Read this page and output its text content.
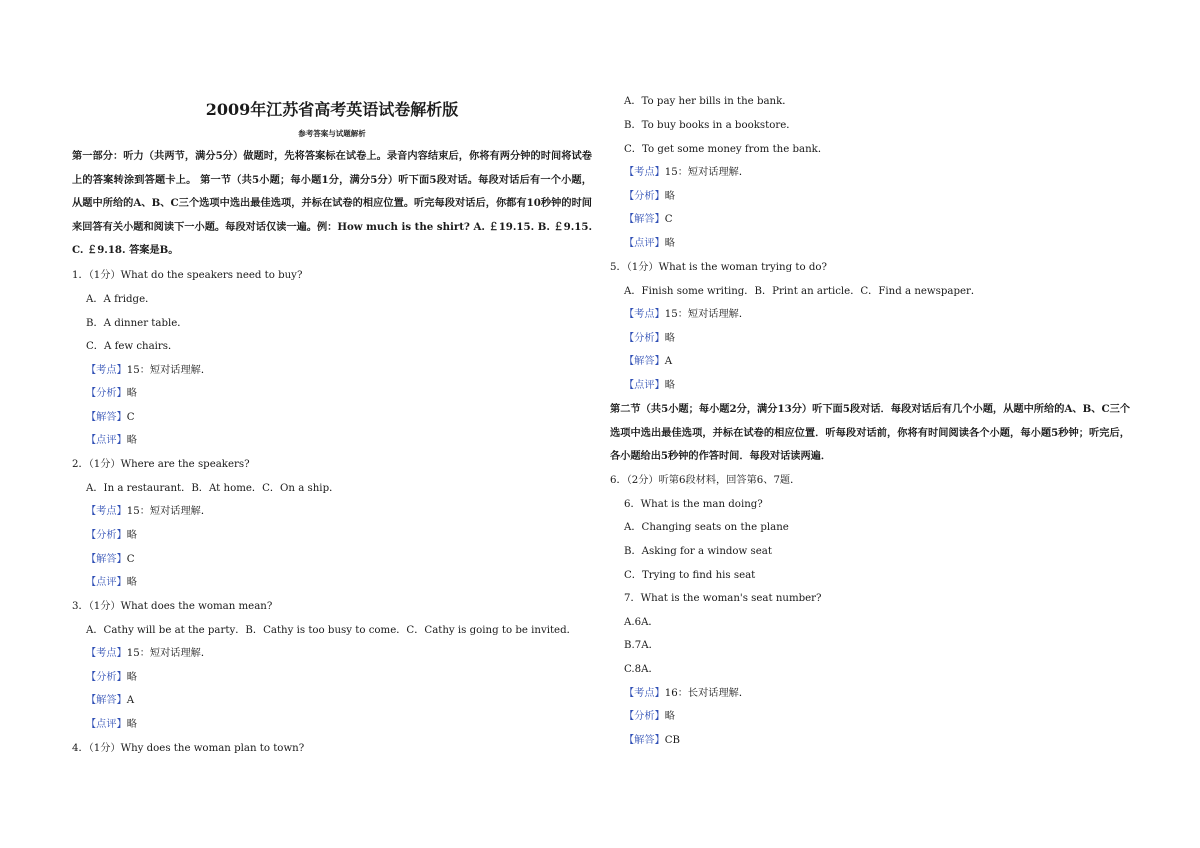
2009年江苏省高考英语试卷解析版
参考答案与试题解析
第一部分：听力（共两节，满分5分）做题时，先将答案标在试卷上。录音内容结束后，你将有两分钟的时间将试卷上的答案转涂到答题卡上。 第一节（共5小题；每小题1分，满分5分）听下面5段对话。每段对话后有一个小题，从题中所给的A、B、C三个选项中选出最佳选项，并标在试卷的相应位置。听完每段对话后，你都有10秒钟的时间来回答有关小题和阅读下一小题。每段对话仅读一遍。例：How much is the shirt? A. ￡19.15. B. ￡9.15. C. ￡9.18. 答案是B。
1．（1分）What do the speakers need to buy?
A．A fridge．
B．A dinner table．
C．A few chairs．
【考点】15：短对话理解．
【分析】略
【解答】C
【点评】略
2．（1分）Where are the speakers?
A．In a restaurant．B．At home．C．On a ship．
【考点】15：短对话理解．
【分析】略
【解答】C
【点评】略
3．（1分）What does the woman mean?
A．Cathy will be at the party．B．Cathy is too busy to come．C．Cathy is going to be invited．
【考点】15：短对话理解．
【分析】略
【解答】A
【点评】略
4．（1分）Why does the woman plan to town?
A．To pay her bills in the bank．
B．To buy books in a bookstore．
C．To get some money from the bank．
【考点】15：短对话理解．
【分析】略
【解答】C
【点评】略
5．（1分）What is the woman trying to do?
A．Finish some writing．B．Print an article．C．Find a newspaper．
【考点】15：短对话理解．
【分析】略
【解答】A
【点评】略
第二节（共5小题；每小题2分，满分13分）听下面5段对话．每段对话后有几个小题，从题中所给的A、B、C三个选项中选出最佳选项，并标在试卷的相应位置．听每段对话前，你将有时间阅读各个小题，每小题5秒钟；听完后，各小题给出5秒钟的作答时间．每段对话读两遍．
6．（2分）听第6段材料，回答第6、7题．
6．What is the man doing?
A．Changing seats on the plane
B．Asking for a window seat
C．Trying to find his seat
7．What is the woman's seat number?
A.6A．
B.7A．
C.8A．
【考点】16：长对话理解．
【分析】略
【解答】CB
